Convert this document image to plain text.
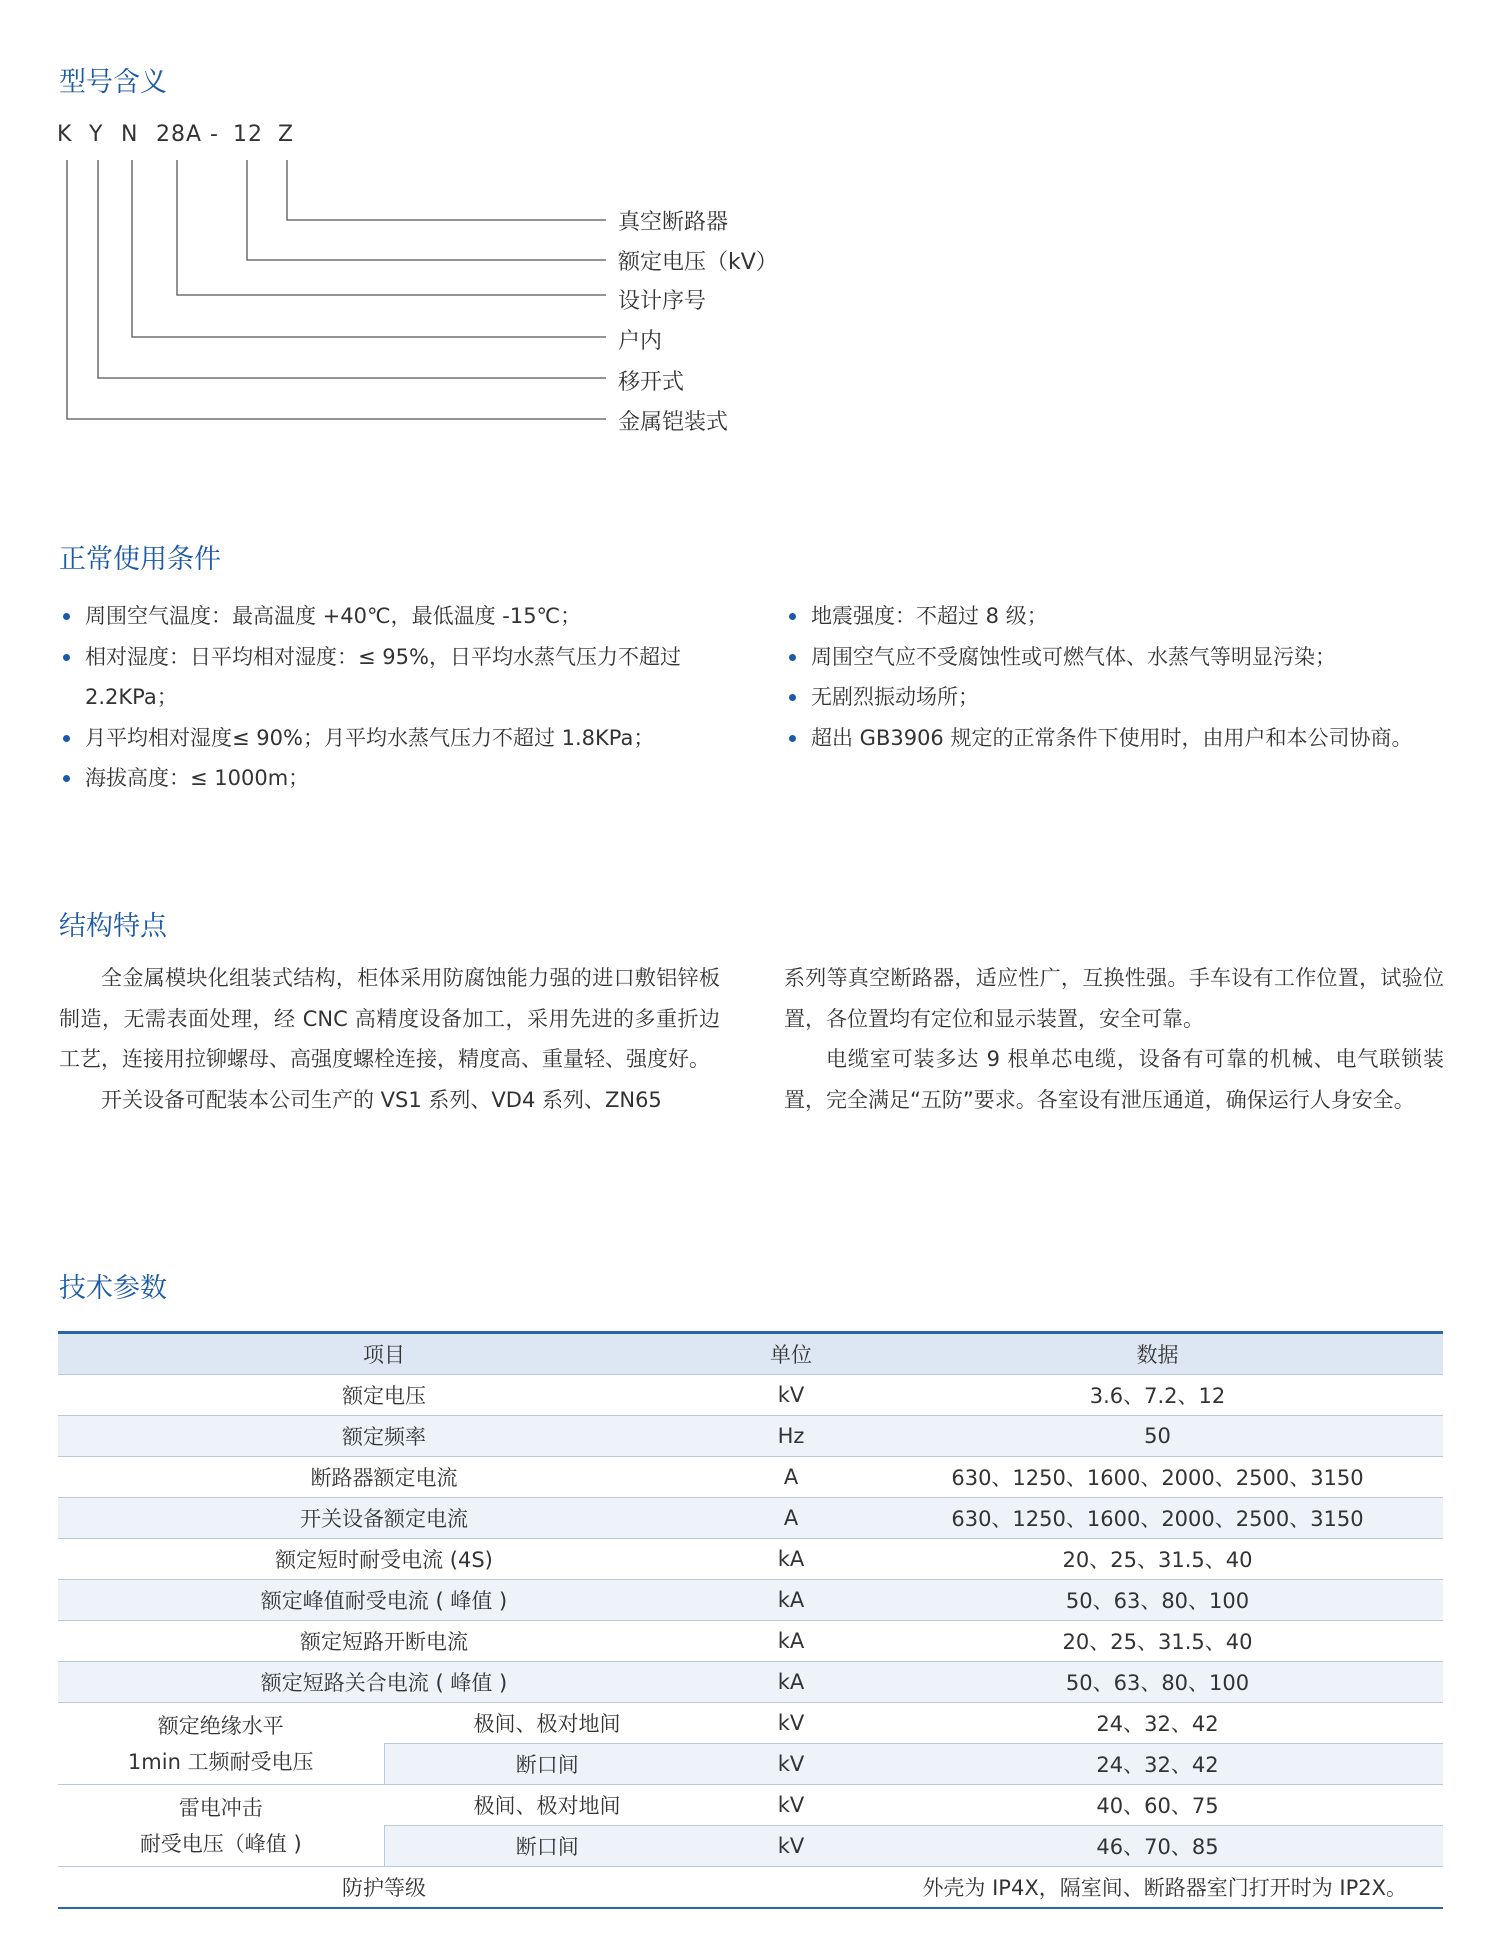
型号含义
K Y N 28A - 12 Z
真空断路器
额定电压（kV）
设计序号
户内
移开式
金属铠装式
正常使用条件
周围空气温度：最高温度 +40℃，最低温度 -15℃；
相对湿度：日平均相对湿度：≤ 95%，日平均水蒸气压力不超过 2.2KPa；
月平均相对湿度≤ 90%；月平均水蒸气压力不超过 1.8KPa；
海拔高度：≤ 1000m；
地震强度：不超过 8 级；
周围空气应不受腐蚀性或可燃气体、水蒸气等明显污染；
无剧烈振动场所；
超出 GB3906 规定的正常条件下使用时，由用户和本公司协商。
结构特点

全金属模块化组装式结构，柜体采用防腐蚀能力强的进口敷铝锌板制造，无需表面处理，经 CNC 高精度设备加工，采用先进的多重折边工艺，连接用拉铆螺母、高强度螺栓连接，精度高、重量轻、强度好。

开关设备可配装本公司生产的 VS1 系列、VD4 系列、ZN65

系列等真空断路器，适应性广，互换性强。手车设有工作位置，试验位置，各位置均有定位和显示装置，安全可靠。

电缆室可装多达 9 根单芯电缆，设备有可靠的机械、电气联锁装置，完全满足“五防”要求。各室设有泄压通道，确保运行人身安全。

技术参数
项目		单位	数据
额定电压		kV	3.6、7.2、12
额定频率		Hz	50
断路器额定电流		A	630、1250、1600、2000、2500、3150
开关设备额定电流		A	630、1250、1600、2000、2500、3150
额定短时耐受电流 (4S)		kA	20、25、31.5、40
额定峰值耐受电流 ( 峰值 )		kA	50、63、80、100
额定短路开断电流		kA	20、25、31.5、40
额定短路关合电流 ( 峰值 )		kA	50、63、80、100

额定绝缘水平
1min 工频耐受电压	极间、极对地间	kV	24、32、42
	断口间	kV	24、32、42

雷电冲击
耐受电压（峰值 )	极间、极对地间	kV	40、60、75
	断口间	kV	46、70、85
防护等级		外壳为 IP4X，隔室间、断路器室门打开时为 IP2X。	
